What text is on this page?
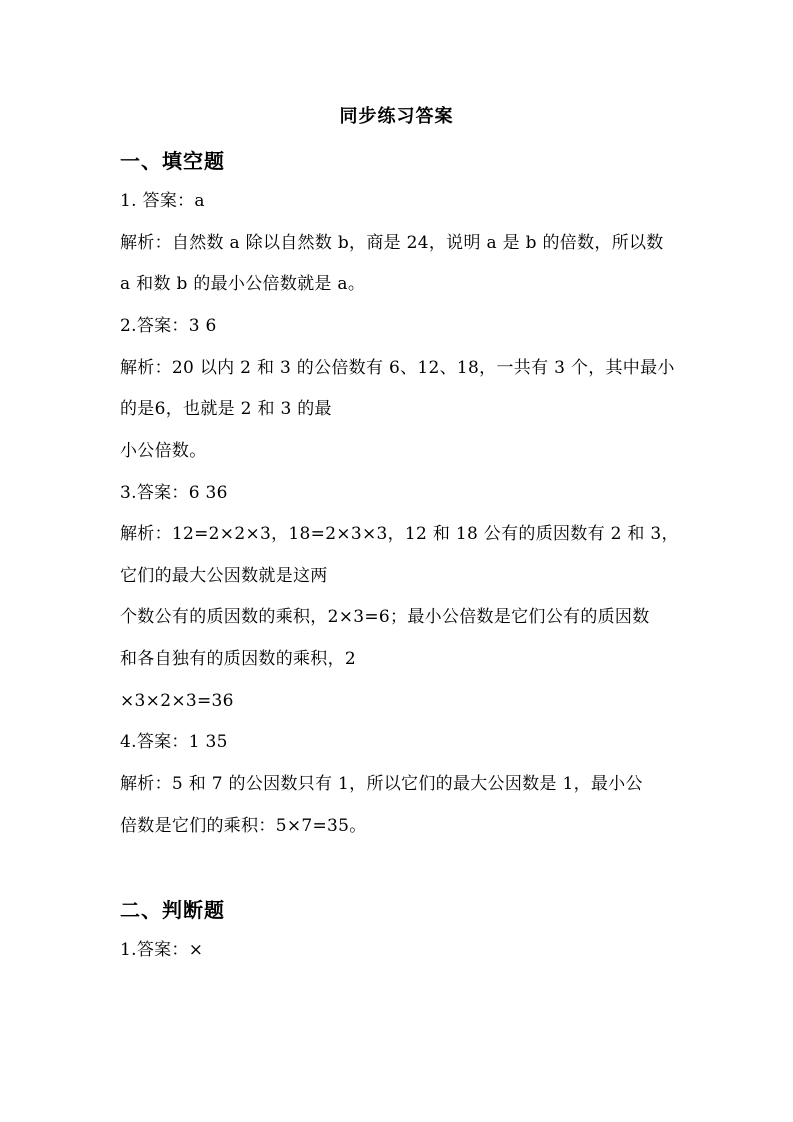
同步练习答案
一、填空题
1. 答案：a
解析：自然数 a 除以自然数 b，商是 24，说明 a 是 b 的倍数，所以数
a 和数 b 的最小公倍数就是 a。
2.答案：3 6
解析：20 以内 2 和 3 的公倍数有 6、12、18，一共有 3 个，其中最小
的是6，也就是 2 和 3 的最
小公倍数。
3.答案：6 36
解析：12=2×2×3，18=2×3×3，12 和 18 公有的质因数有 2 和 3，
它们的最大公因数就是这两
个数公有的质因数的乘积，2×3=6；最小公倍数是它们公有的质因数
和各自独有的质因数的乘积，2
×3×2×3=36
4.答案：1 35
解析：5 和 7 的公因数只有 1，所以它们的最大公因数是 1，最小公
倍数是它们的乘积：5×7=35。
二、判断题
1.答案：×
